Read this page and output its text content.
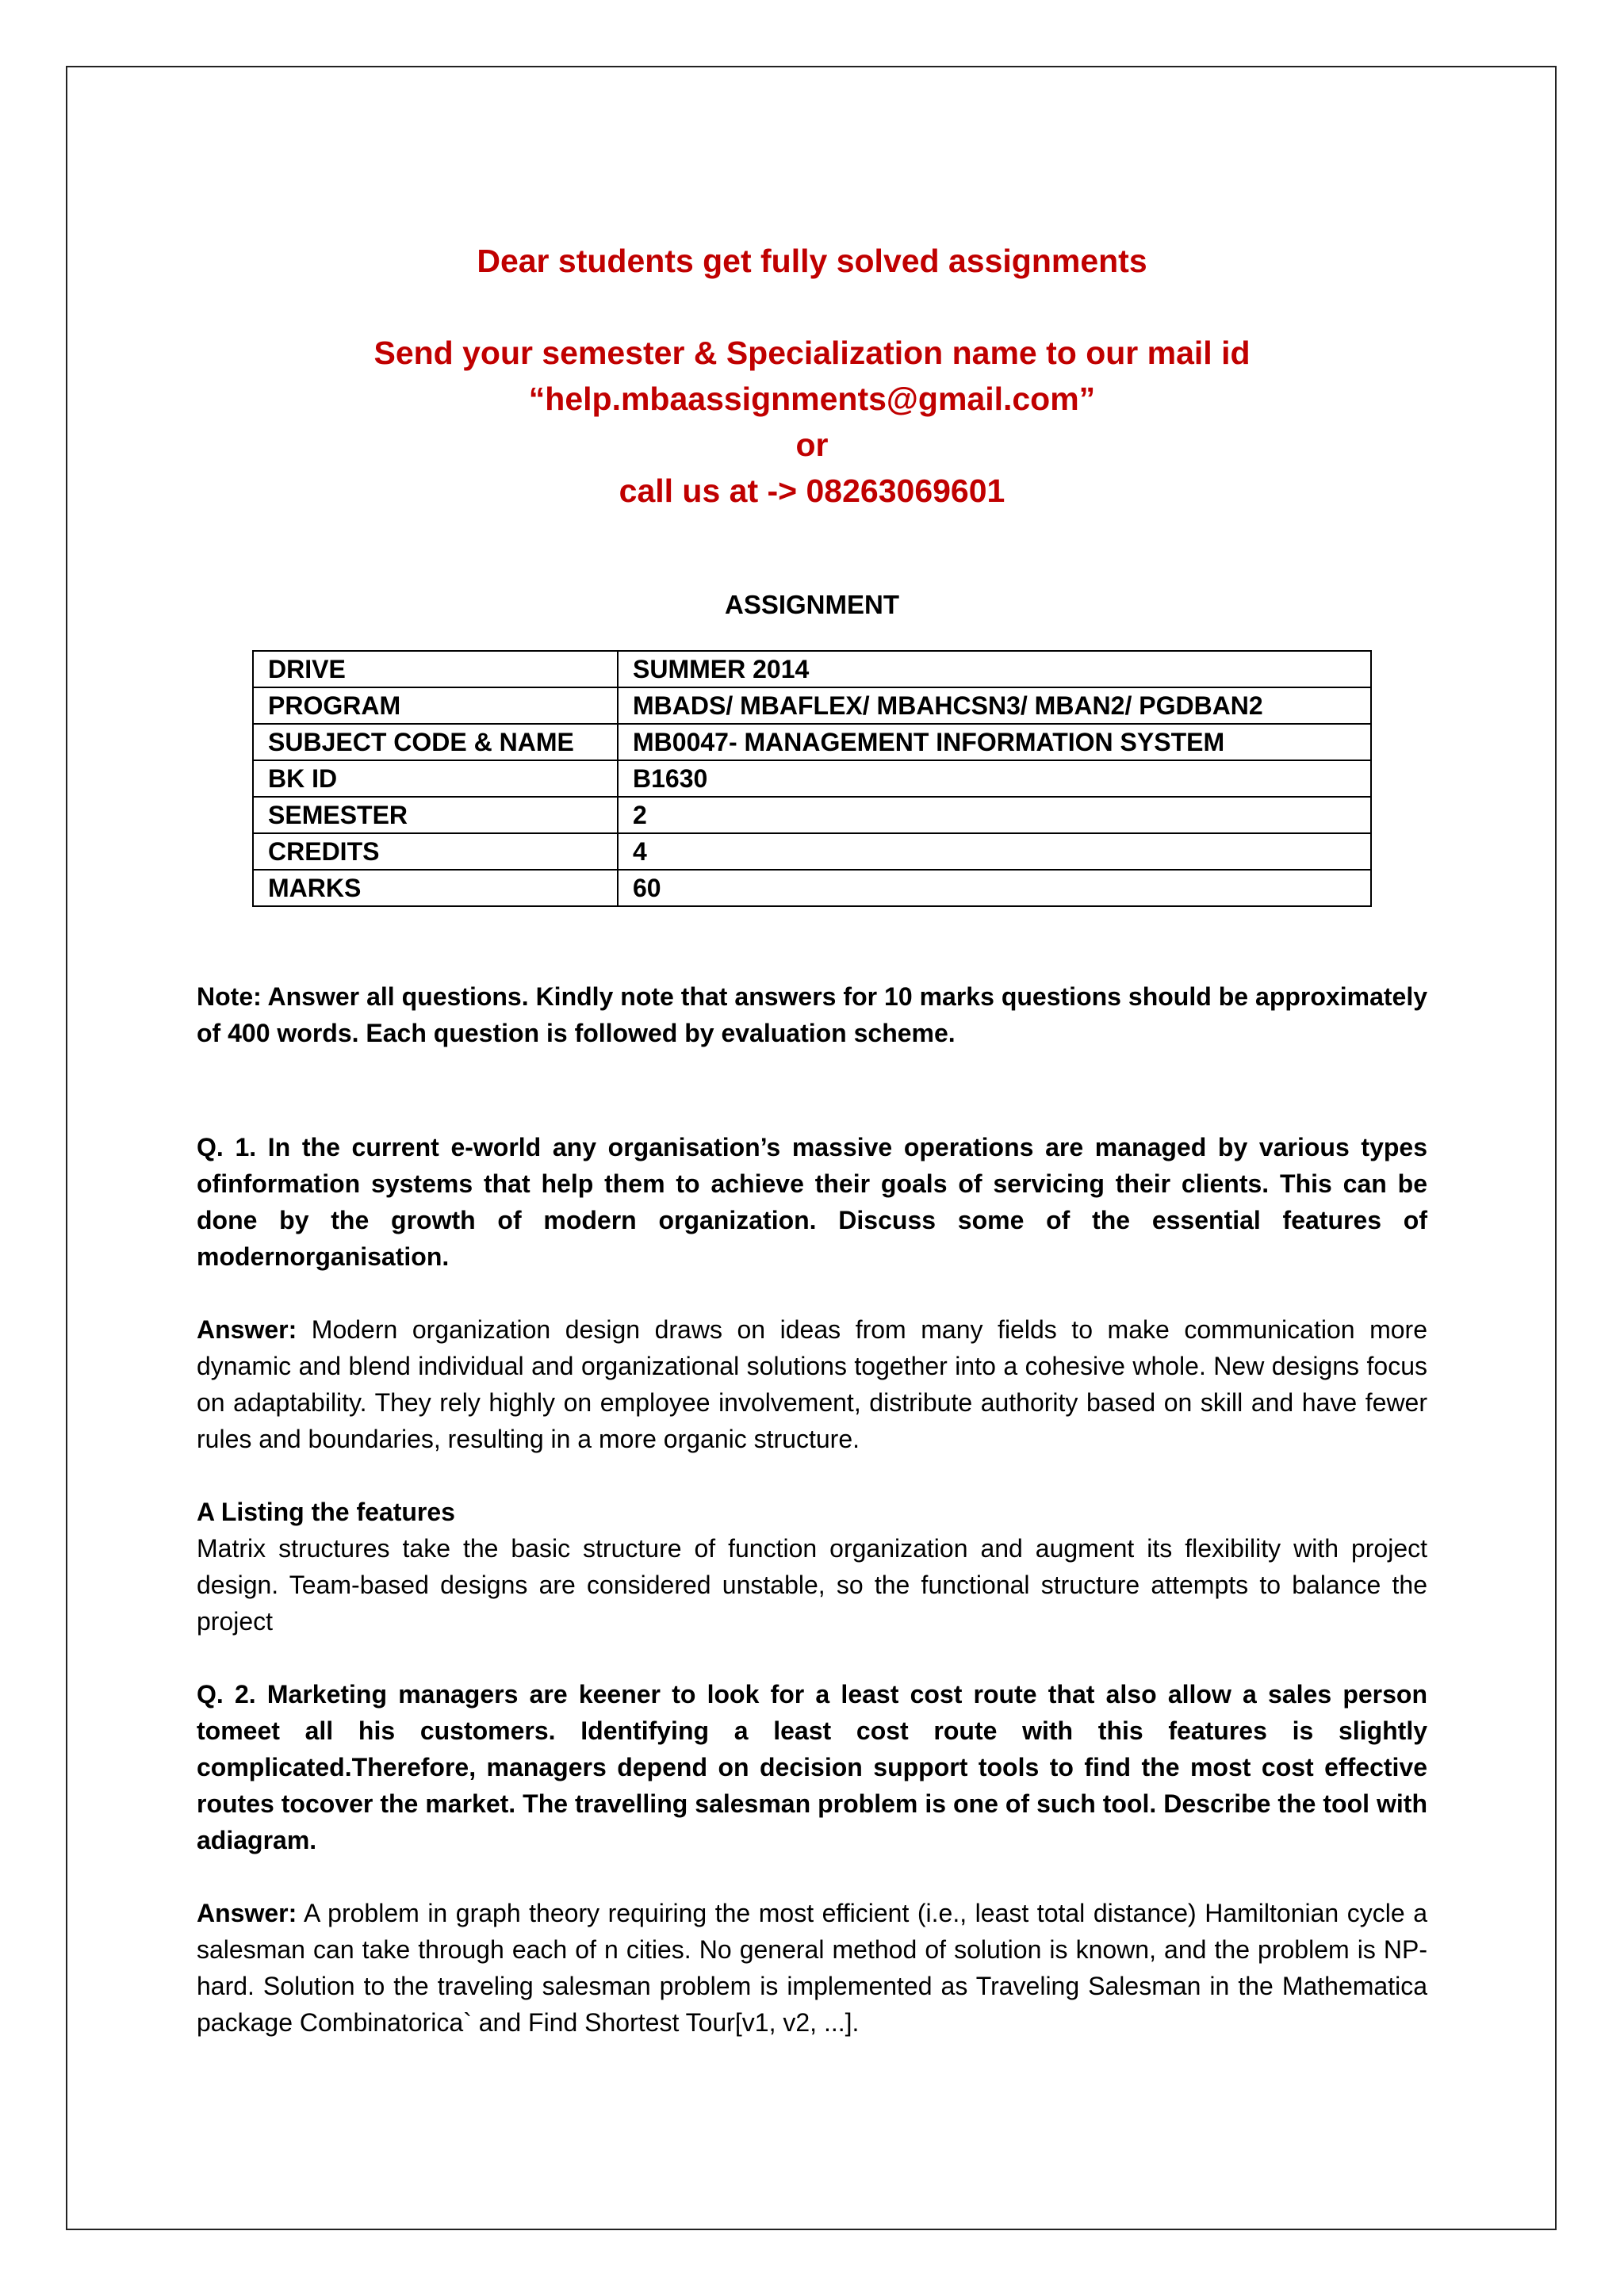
Dear students get fully solved assignments

Send your semester & Specialization name to our mail id

“help.mbaassignments@gmail.com”

or

call us at -> 08263069601

ASSIGNMENT
DRIVE	SUMMER 2014
PROGRAM	MBADS/ MBAFLEX/ MBAHCSN3/ MBAN2/ PGDBAN2
SUBJECT CODE & NAME	MB0047- MANAGEMENT INFORMATION SYSTEM
BK ID	B1630
SEMESTER	2
CREDITS	4
MARKS	60

Note: Answer all questions. Kindly note that answers for 10 marks questions should be approximately of 400 words. Each question is followed by evaluation scheme.

Q. 1. In the current e-world any organisation’s massive operations are managed by various types ofinformation systems that help them to achieve their goals of servicing their clients. This can be done by the growth of modern organization. Discuss some of the essential features of modernorganisation.

Answer: Modern organization design draws on ideas from many fields to make communication more dynamic and blend individual and organizational solutions together into a cohesive whole. New designs focus on adaptability. They rely highly on employee involvement, distribute authority based on skill and have fewer rules and boundaries, resulting in a more organic structure.

A Listing the features

Matrix structures take the basic structure of function organization and augment its flexibility with project design. Team-based designs are considered unstable, so the functional structure attempts to balance the project

Q. 2. Marketing managers are keener to look for a least cost route that also allow a sales person tomeet all his customers. Identifying a least cost route with this features is slightly complicated.Therefore, managers depend on decision support tools to find the most cost effective routes tocover the market. The travelling salesman problem is one of such tool. Describe the tool with adiagram.

Answer: A problem in graph theory requiring the most efficient (i.e., least total distance) Hamiltonian cycle a salesman can take through each of n cities. No general method of solution is known, and the problem is NP-hard. Solution to the traveling salesman problem is implemented as Traveling Salesman in the Mathematica package Combinatorica` and Find Shortest Tour[v1, v2, ...].
